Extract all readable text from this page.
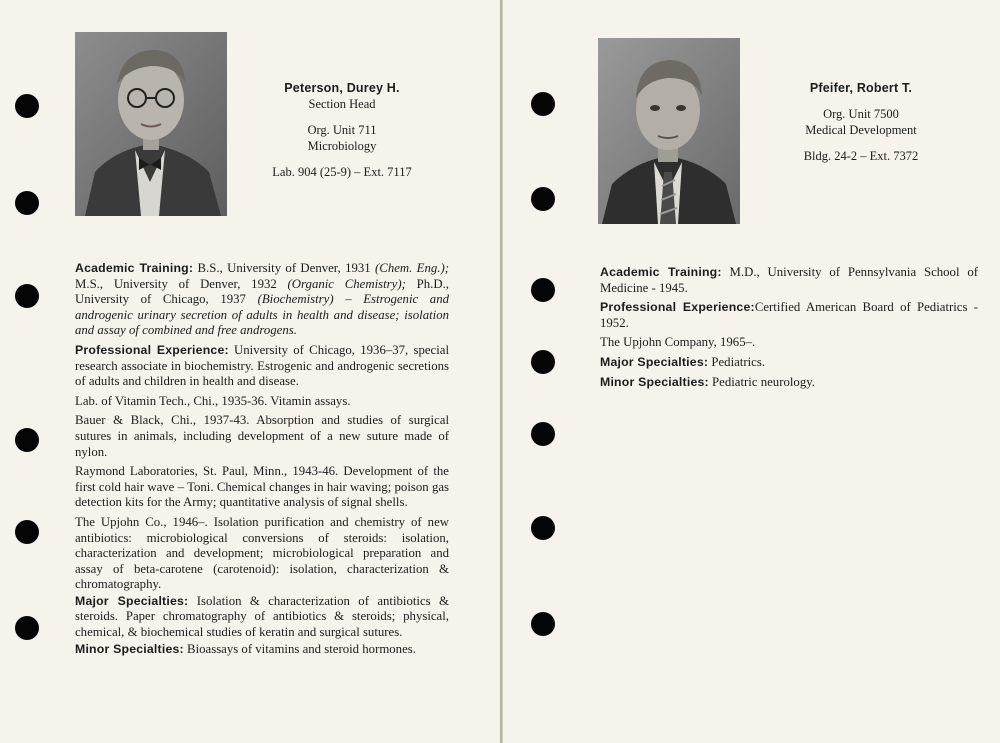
Peterson, Durey H.
Section Head
Org. Unit 711
Microbiology
Lab. 904 (25-9) – Ext. 7117

Academic Training: B.S., University of Denver, 1931 (Chem. Eng.); M.S., University of Denver, 1932 (Organic Chemistry); Ph.D., University of Chicago, 1937 (Biochemistry) – Estrogenic and androgenic urinary secretion of adults in health and disease; isolation and assay of combined and free androgens.

Professional Experience: University of Chicago, 1936–37, special research associate in biochemistry. Estrogenic and androgenic secretions of adults and children in health and disease.

Lab. of Vitamin Tech., Chi., 1935-36. Vitamin assays.

Bauer & Black, Chi., 1937-43. Absorption and studies of surgical sutures in animals, including development of a new suture made of nylon.

Raymond Laboratories, St. Paul, Minn., 1943-46. Development of the first cold hair wave – Toni. Chemical changes in hair waving; poison gas detection kits for the Army; quantitative analysis of signal shells.

The Upjohn Co., 1946–. Isolation purification and chemistry of new antibiotics: microbiological conversions of steroids: isolation, characterization and development; microbiological preparation and assay of beta-carotene (carotenoid): isolation, characterization & chromatography.

Major Specialties: Isolation & characterization of antibiotics & steroids. Paper chromatography of antibiotics & steroids; physical, chemical, & biochemical studies of keratin and surgical sutures.

Minor Specialties: Bioassays of vitamins and steroid hormones.

Pfeifer, Robert T.
Org. Unit 7500
Medical Development
Bldg. 24-2 – Ext. 7372

Academic Training: M.D., University of Pennsylvania School of Medicine - 1945.

Professional Experience:Certified American Board of Pediatrics - 1952.

The Upjohn Company, 1965–.

Major Specialties: Pediatrics.

Minor Specialties: Pediatric neurology.
